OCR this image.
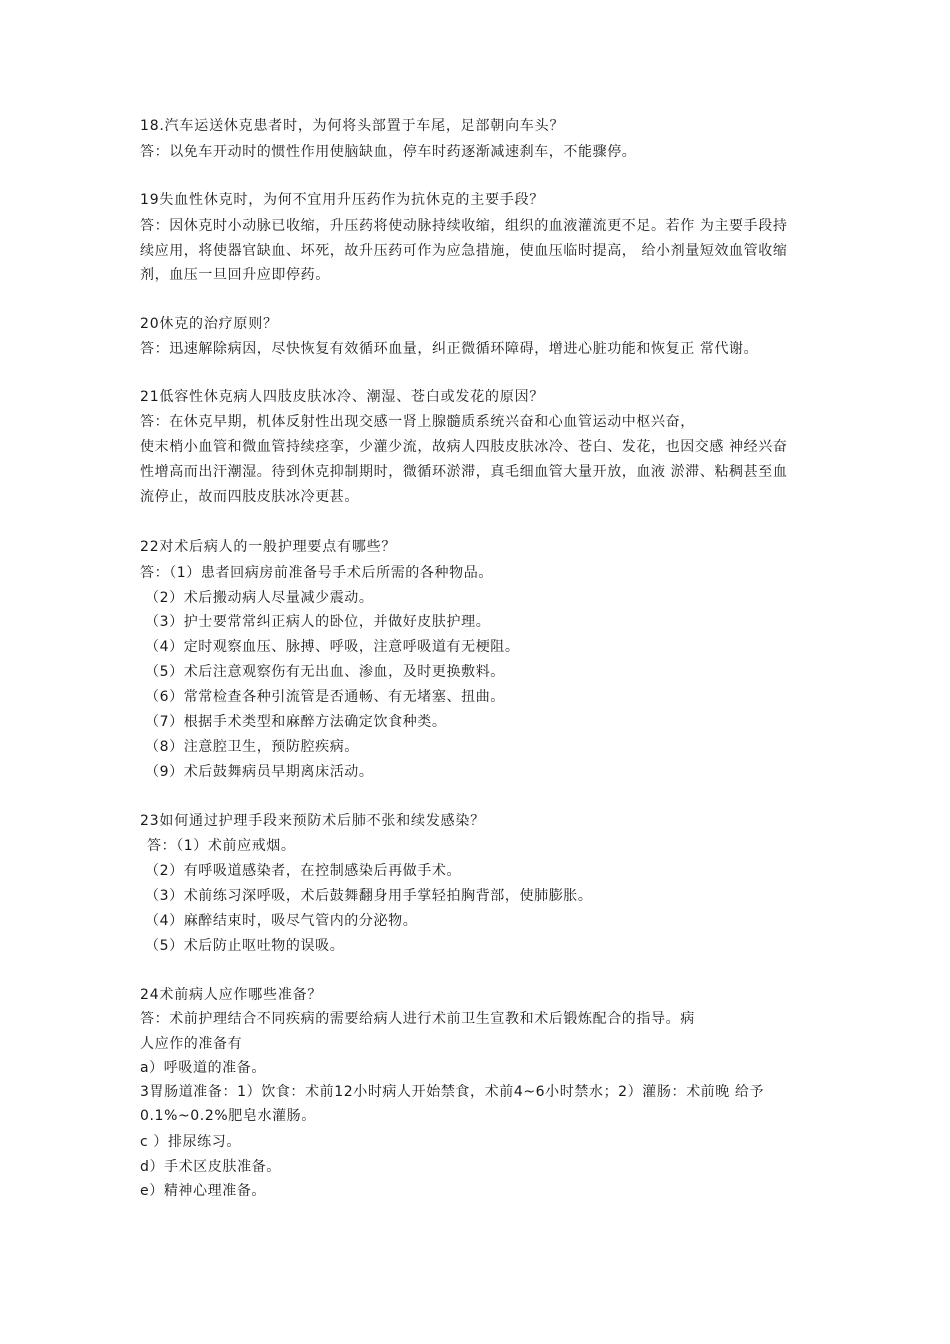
18.汽车运送休克患者时，为何将头部置于车尾，足部朝向车头？
答：以免车开动时的惯性作用使脑缺血，停车时药逐渐减速刹车，不能骤停。
19失血性休克时，为何不宜用升压药作为抗休克的主要手段？
答：因休克时小动脉已收缩，升压药将使动脉持续收缩，组织的血液灌流更不足。若作 为主要手段持
续应用，将使器官缺血、坏死，故升压药可作为应急措施，使血压临时提高， 给小剂量短效血管收缩
剂，血压一旦回升应即停药。
20休克的治疗原则？
答：迅速解除病因，尽快恢复有效循环血量，纠正微循环障碍，增进心脏功能和恢复正 常代谢。
21低容性休克病人四肢皮肤冰冷、潮湿、苍白或发花的原因？
答：在休克早期，机体反射性出现交感一肾上腺髓质系统兴奋和心血管运动中枢兴奋，
使末梢小血管和微血管持续痉挛，少灌少流，故病人四肢皮肤冰冷、苍白、发花，也因交感 神经兴奋
性增高而出汗潮湿。待到休克抑制期时，微循环淤滞，真毛细血管大量开放，血液 淤滞、粘稠甚至血
流停止，故而四肢皮肤冰冷更甚。
22对术后病人的一般护理要点有哪些？
答：（1）患者回病房前准备号手术后所需的各种物品。
（2）术后搬动病人尽量减少震动。
（3）护士要常常纠正病人的卧位，并做好皮肤护理。
（4）定时观察血压、脉搏、呼吸，注意呼吸道有无梗阻。
（5）术后注意观察伤有无出血、渗血，及时更换敷料。
（6）常常检查各种引流管是否通畅、有无堵塞、扭曲。
（7）根据手术类型和麻醉方法确定饮食种类。
（8）注意腔卫生，预防腔疾病。
（9）术后鼓舞病员早期离床活动。
23如何通过护理手段来预防术后肺不张和续发感染？
答：（1）术前应戒烟。
（2）有呼吸道感染者，在控制感染后再做手术。
（3）术前练习深呼吸，术后鼓舞翻身用手掌轻拍胸背部，使肺膨胀。
（4）麻醉结束时，吸尽气管内的分泌物。
（5）术后防止呕吐物的误吸。
24术前病人应作哪些准备？
答：术前护理结合不同疾病的需要给病人进行术前卫生宣教和术后锻炼配合的指导。病
人应作的准备有
a）呼吸道的准备。
3胃肠道准备：1）饮食：术前12小时病人开始禁食，术前4~6小时禁水；2）灌肠：术前晚 给予
0.1%~0.2%肥皂水灌肠。
c ）排尿练习。
d）手术区皮肤准备。
e）精神心理准备。
